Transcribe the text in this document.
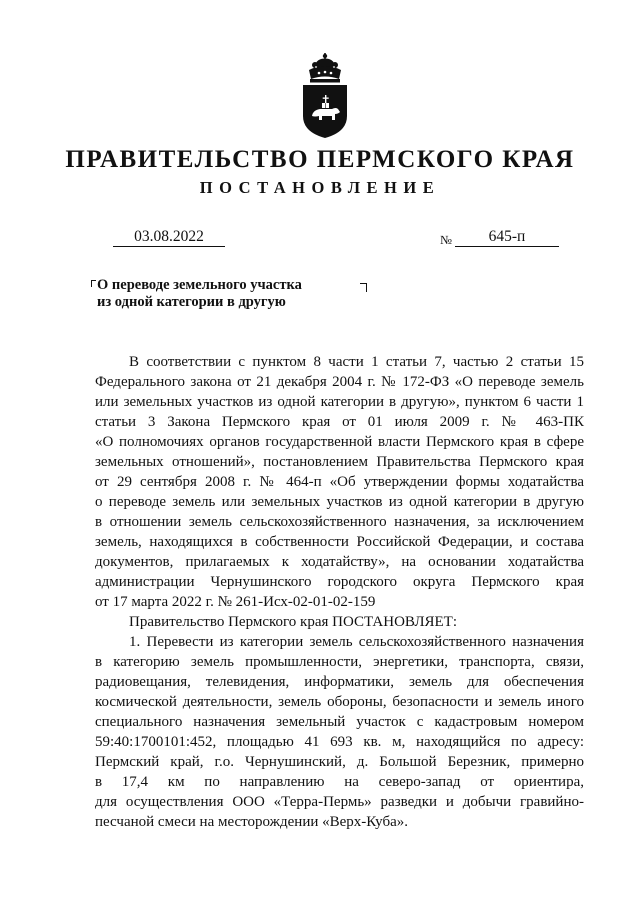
ПРАВИТЕЛЬСТВО ПЕРМСКОГО КРАЯ
ПОСТАНОВЛЕНИЕ
03.08.2022	№	645-п
О переводе земельного участка
из одной категории в другую
В соответствии с пунктом 8 части 1 статьи 7, частью 2 статьи 15
Федерального закона от 21 декабря 2004 г. № 172-ФЗ «О переводе земель
или земельных участков из одной категории в другую», пунктом 6 части 1
статьи 3 Закона Пермского края от 01 июля 2009 г. № 463-ПК
«О полномочиях органов государственной власти Пермского края в сфере
земельных отношений», постановлением Правительства Пермского края
от 29 сентября 2008 г. № 464-п «Об утверждении формы ходатайства
о переводе земель или земельных участков из одной категории в другую
в отношении земель сельскохозяйственного назначения, за исключением
земель, находящихся в собственности Российской Федерации, и состава
документов, прилагаемых к ходатайству», на основании ходатайства
администрации Чернушинского городского округа Пермского края
от 17 марта 2022 г. № 261-Исх-02-01-02-159
Правительство Пермского края ПОСТАНОВЛЯЕТ:
1. Перевести из категории земель сельскохозяйственного назначения
в категорию земель промышленности, энергетики, транспорта, связи,
радиовещания, телевидения, информатики, земель для обеспечения
космической деятельности, земель обороны, безопасности и земель иного
специального назначения земельный участок с кадастровым номером
59:40:1700101:452, площадью 41 693 кв. м, находящийся по адресу:
Пермский край, г.о. Чернушинский, д. Большой Березник, примерно
в 17,4 км по направлению на северо-запад от ориентира,
для осуществления ООО «Терра-Пермь» разведки и добычи гравийно-
песчаной смеси на месторождении «Верх-Куба».
